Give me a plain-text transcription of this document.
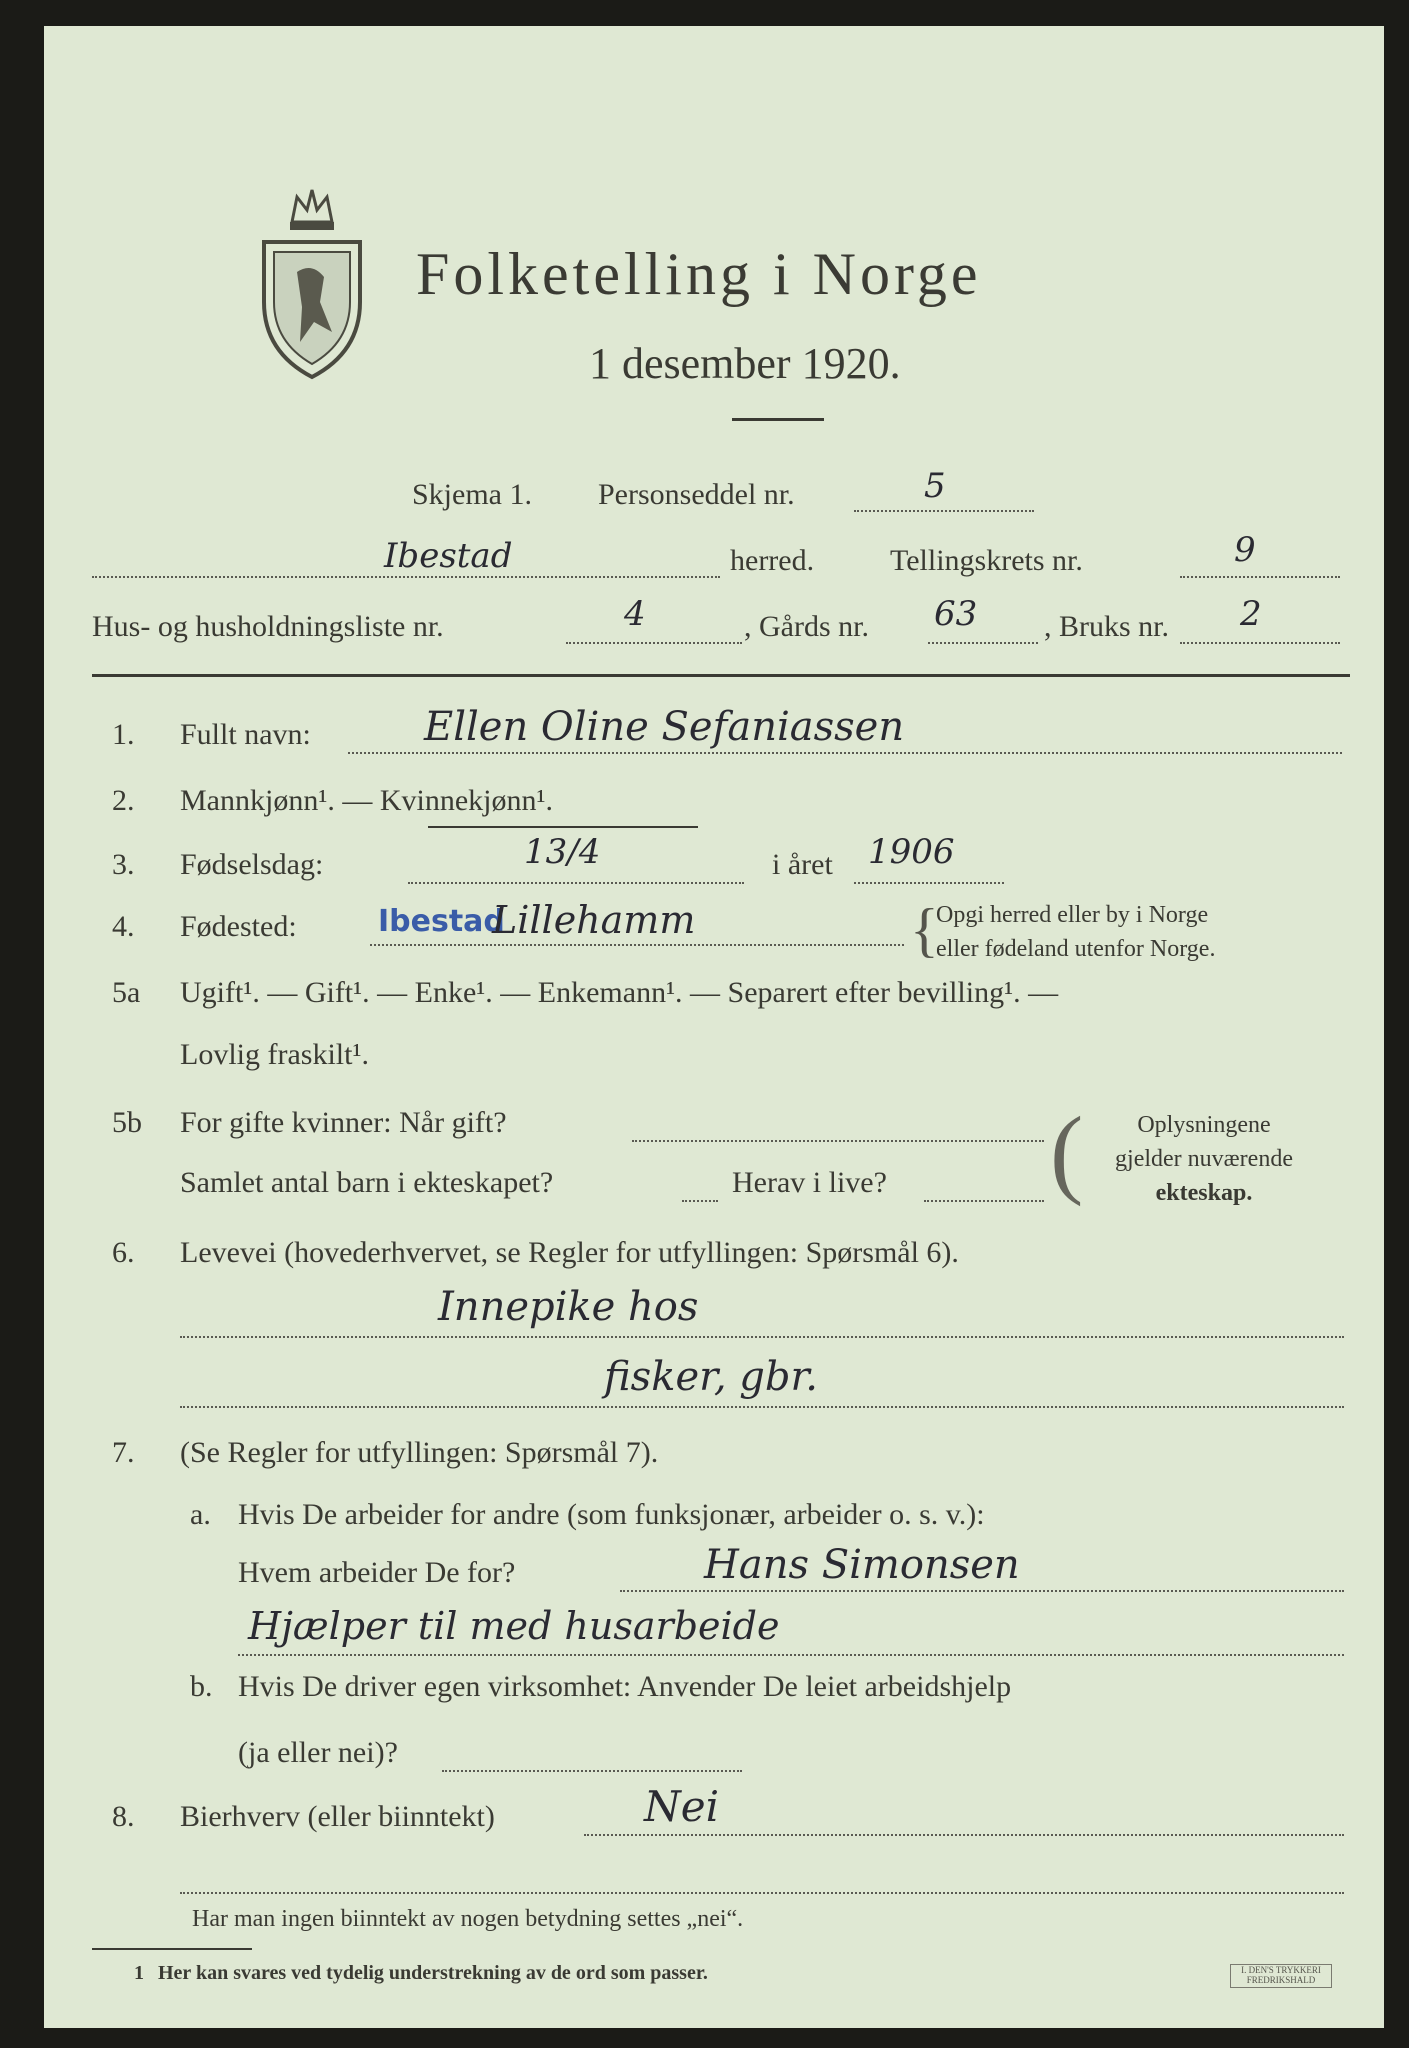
Folketelling i Norge
1 desember 1920.
Skjema 1. Personseddel nr.	5
Ibestad	herred.	Tellingskrets nr.	9
Hus- og husholdningsliste nr.	4	, Gårds nr. 63 , Bruks nr. 2
1. Fullt navn:	Ellen Oline Sefaniassen
2. Mannkjønn¹. — Kvinnekjønn¹.
3. Fødselsdag:	13/4	i året 1906
4. Fødested:	Ibestad
Lillehamm	{
Opgi herred eller by i Norge
eller fødeland utenfor Norge.
5a Ugift¹. — Gift¹. — Enke¹. — Enkemann¹. — Separert efter bevilling¹. —
Lovlig fraskilt¹.
5b For gifte kvinner: Når gift?
Samlet antal barn i ekteskapet?	Herav i live? (	Oplysningene
gjelder nuværende
ekteskap.
6. Levevei (hovederhvervet, se Regler for utfyllingen: Spørsmål 6).
Innepike hos
fisker, gbr.
7. (Se Regler for utfyllingen: Spørsmål 7).
a. Hvis De arbeider for andre (som funksjonær, arbeider o. s. v.):
Hvem arbeider De for?	Hans Simonsen
Hjælper til med husarbeide
b. Hvis De driver egen virksomhet: Anvender De leiet arbeidshjelp
(ja eller nei)?
8. Bierhverv (eller biinntekt)	Nei
Har man ingen biinntekt av nogen betydning settes „nei“.
1 Her kan svares ved tydelig understrekning av de ord som passer.	I. DEN'S TRYKKERI FREDRIKSHALD
